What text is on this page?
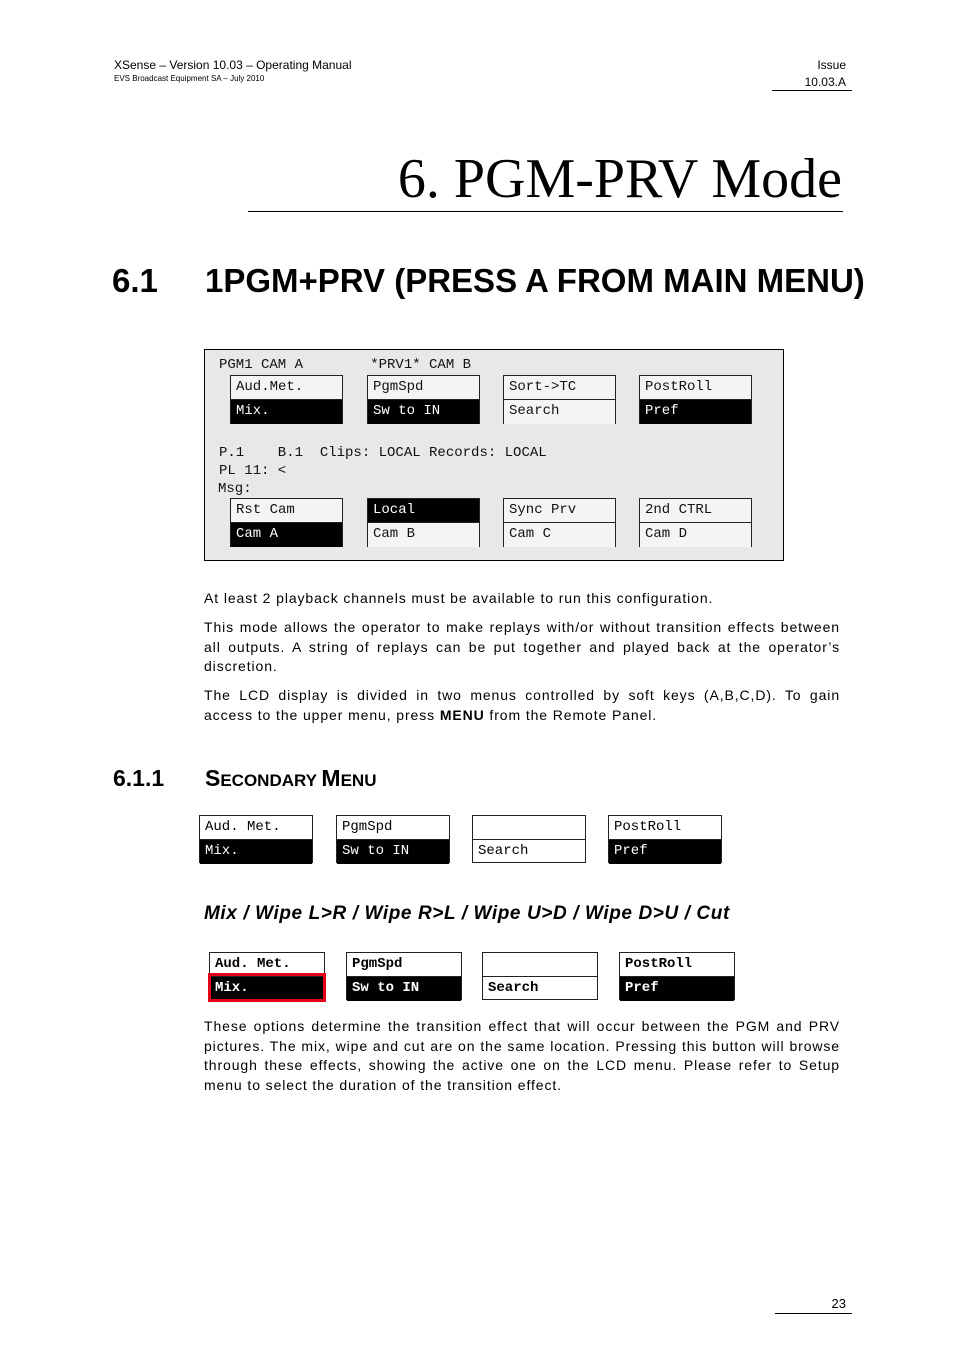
XSense – Version 10.03 – Operating Manual
EVS Broadcast Equipment SA – July 2010
Issue
10.03.A
6. PGM-PRV Mode
6.1 1PGM+PRV (PRESS A FROM MAIN MENU)
PGM1 CAM A        *PRV1* CAM B
Aud.Met.
Mix.
PgmSpd
Sw to IN
Sort->TC
Search
PostRoll
Pref
P.1    B.1  Clips: LOCAL Records: LOCAL
PL 11: <
Msg:
Rst Cam
Cam A
Local
Cam B
Sync Prv
Cam C
2nd CTRL
Cam D
At least 2 playback channels must be available to run this configuration.
This mode allows the operator to make replays with/or without transition effects between all outputs. A string of replays can be put together and played back at the operator’s discretion.
The LCD display is divided in two menus controlled by soft keys (A,B,C,D). To gain access to the upper menu, press MENU from the Remote Panel.
6.1.1 SECONDARY MENU
Aud. Met.
Mix.
PgmSpd
Sw to IN	Search
PostRoll
Pref
Mix / Wipe L>R / Wipe R>L / Wipe U>D / Wipe D>U / Cut
Aud. Met.
Mix.
PgmSpd
Sw to IN	Search
PostRoll
Pref
These options determine the transition effect that will occur between the PGM and PRV pictures. The mix, wipe and cut are on the same location. Pressing this button will browse through these effects, showing the active one on the LCD menu. Please refer to Setup menu to select the duration of the transition effect.
23
